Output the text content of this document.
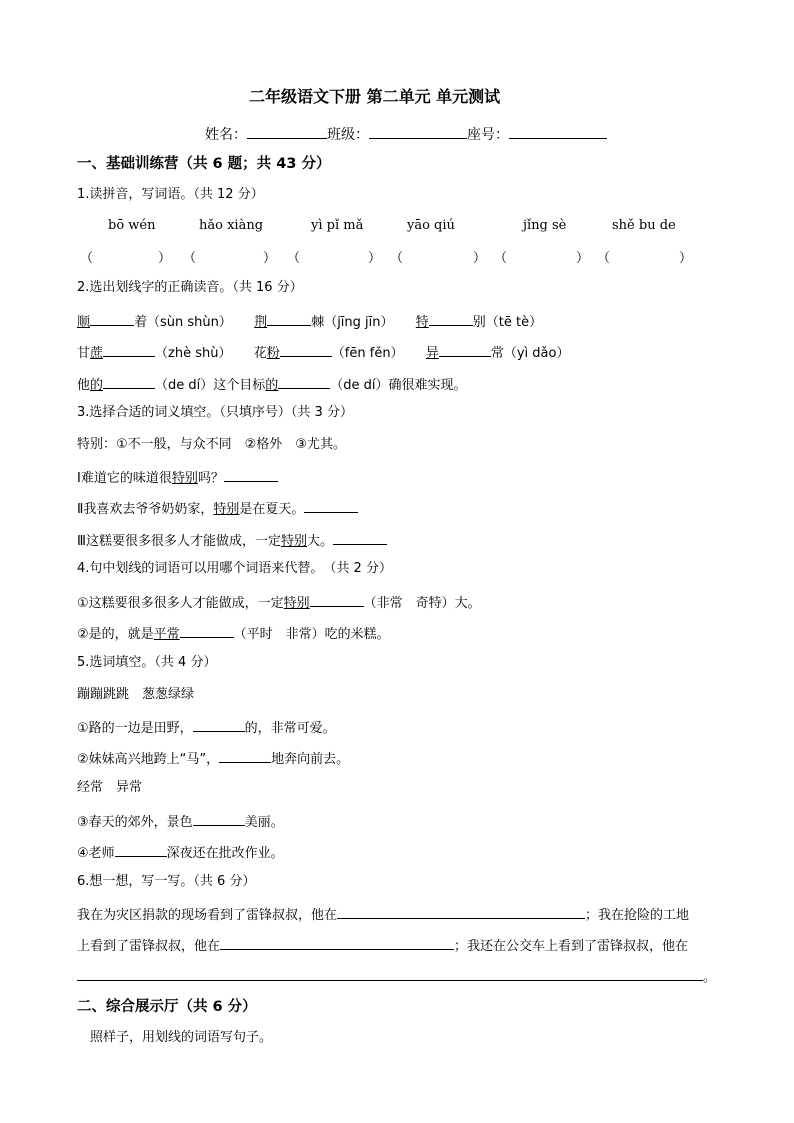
二年级语文下册 第二单元 单元测试
姓名：	班级：	座号：
一、基础训练营（共 6 题；共 43 分）
1.读拼音，写词语。（共 12 分）
bō wén	hǎo xiàng	yì pǐ mǎ	yāo qiú	jǐng sè	shě bu de
（	） （	） （	） （	） （	） （	）
2.选出划线字的正确读音。（共 16 分）
顺	着（sùn shùn） 荆	棘（jīng jīn） 特	别（tē tè）
甘蔗	（zhè shù） 花粉	（fēn fěn） 异	常（yì dǎo）
他的	（de dí）这个目标的	（de dí）确很难实现。
3.选择合适的词义填空。（只填序号）（共 3 分）
特别：①不一般，与众不同　②格外　③尤其。
Ⅰ难道它的味道很特别吗？
Ⅱ我喜欢去爷爷奶奶家，特别是在夏天。
Ⅲ这糕要很多很多人才能做成，一定特别大。
4.句中划线的词语可以用哪个词语来代替。　（共 2 分）
①这糕要很多很多人才能做成，一定特别	（非常　奇特）大。
②是的，就是平常	（平时　非常）吃的米糕。
5.选词填空。（共 4 分）
蹦蹦跳跳　葱葱绿绿
①路的一边是田野，	的，非常可爱。
②妹妹高兴地跨上“马”，	地奔向前去。
经常　异常
③春天的郊外，景色	美丽。
④老师	深夜还在批改作业。
6.想一想，写一写。（共 6 分）
我在为灾区捐款的现场看到了雷锋叔叔，他在	；我在抢险的工地
上看到了雷锋叔叔，他在	；我还在公交车上看到了雷锋叔叔，他在
。
二、综合展示厅（共 6 分）
照样子，用划线的词语写句子。
